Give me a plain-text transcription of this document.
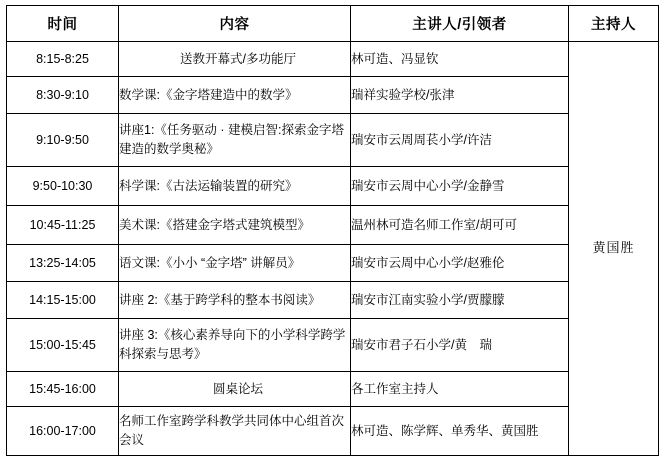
时间	内容	主讲人/引领者	主持人
8:15-8:25	送教开幕式/多功能厅	林可造、冯显钦	黄国胜

8:30-9:10	数学课:《金字塔建造中的数学》	瑞祥实验学校/张津	
9:10-9:50	讲座1:《任务驱动 · 建模启智:探索金字塔建造的数学奥秘》	瑞安市云周周苌小学/许洁	
9:50-10:30	科学课:《古法运输装置的研究》	瑞安市云周中心小学/金静雪	
10:45-11:25	美术课:《搭建金字塔式建筑模型》	温州林可造名师工作室/胡可可	
13:25-14:05	语文课:《小小 “金字塔” 讲解员》	瑞安市云周中心小学/赵雅伦	
14:15-15:00	讲座 2:《基于跨学科的整本书阅读》	瑞安市江南实验小学/贾朦朦	
15:00-15:45	讲座 3:《核心素养导向下的小学科学跨学科探索与思考》	瑞安市君子石小学/黄　瑞	
15:45-16:00	圆桌论坛	各工作室主持人	
16:00-17:00	名师工作室跨学科教学共同体中心组首次会议	林可造、陈学辉、单秀华、黄国胜	
